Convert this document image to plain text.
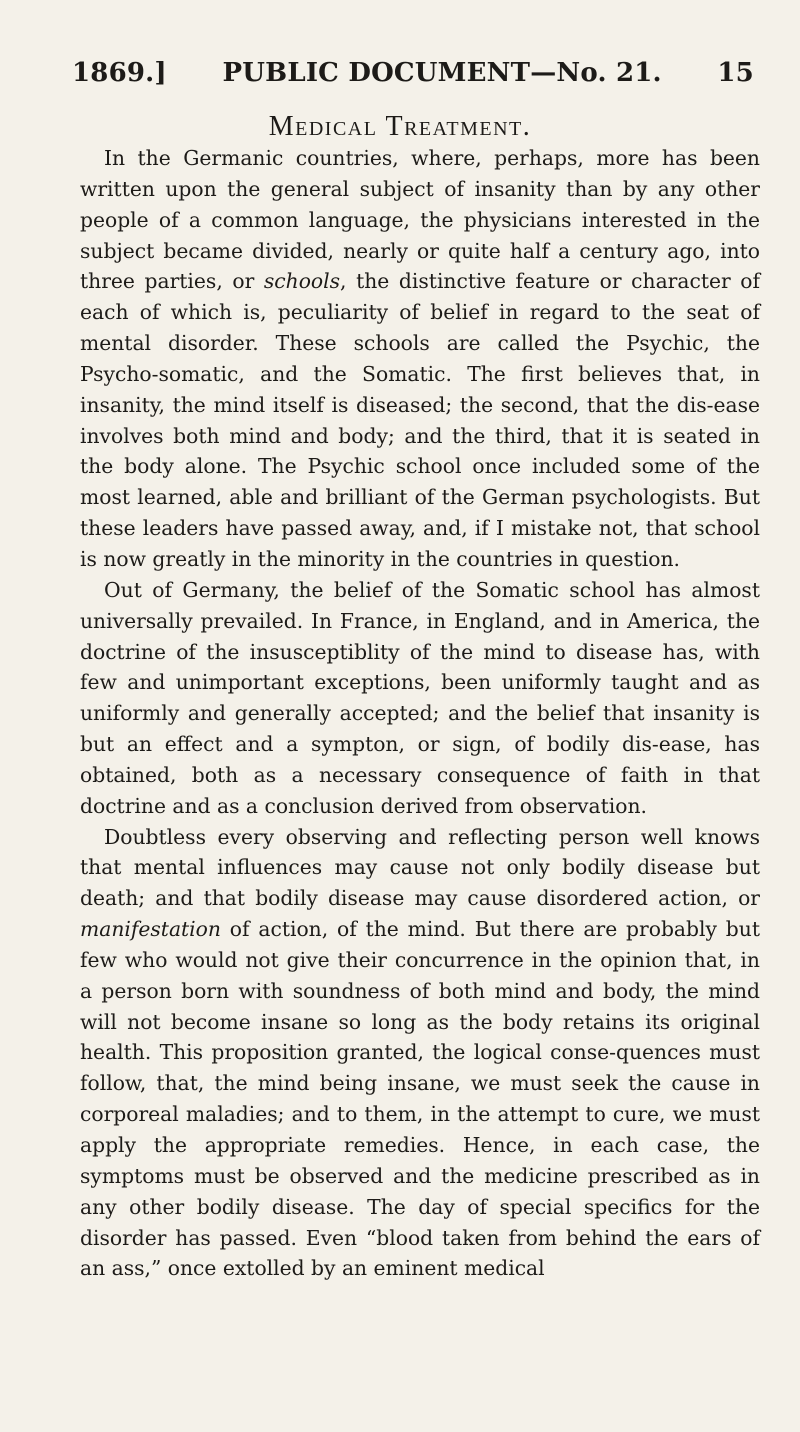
1869.] PUBLIC DOCUMENT—No. 21. 15
Medical Treatment.

In the Germanic countries, where, perhaps, more has been written upon the general subject of insanity than by any other people of a common language, the physicians interested in the subject became divided, nearly or quite half a century ago, into three parties, or schools, the distinctive feature or character of each of which is, peculiarity of belief in regard to the seat of mental disorder. These schools are called the Psychic, the Psycho-somatic, and the Somatic. The first believes that, in insanity, the mind itself is diseased; the second, that the dis-ease involves both mind and body; and the third, that it is seated in the body alone. The Psychic school once included some of the most learned, able and brilliant of the German psychologists. But these leaders have passed away, and, if I mistake not, that school is now greatly in the minority in the countries in question.

Out of Germany, the belief of the Somatic school has almost universally prevailed. In France, in England, and in America, the doctrine of the insusceptiblity of the mind to disease has, with few and unimportant exceptions, been uniformly taught and as uniformly and generally accepted; and the belief that insanity is but an effect and a sympton, or sign, of bodily dis-ease, has obtained, both as a necessary consequence of faith in that doctrine and as a conclusion derived from observation.

Doubtless every observing and reflecting person well knows that mental influences may cause not only bodily disease but death; and that bodily disease may cause disordered action, or manifestation of action, of the mind. But there are probably but few who would not give their concurrence in the opinion that, in a person born with soundness of both mind and body, the mind will not become insane so long as the body retains its original health. This proposition granted, the logical conse-quences must follow, that, the mind being insane, we must seek the cause in corporeal maladies; and to them, in the attempt to cure, we must apply the appropriate remedies. Hence, in each case, the symptoms must be observed and the medicine prescribed as in any other bodily disease. The day of special specifics for the disorder has passed. Even “blood taken from behind the ears of an ass,” once extolled by an eminent medical
